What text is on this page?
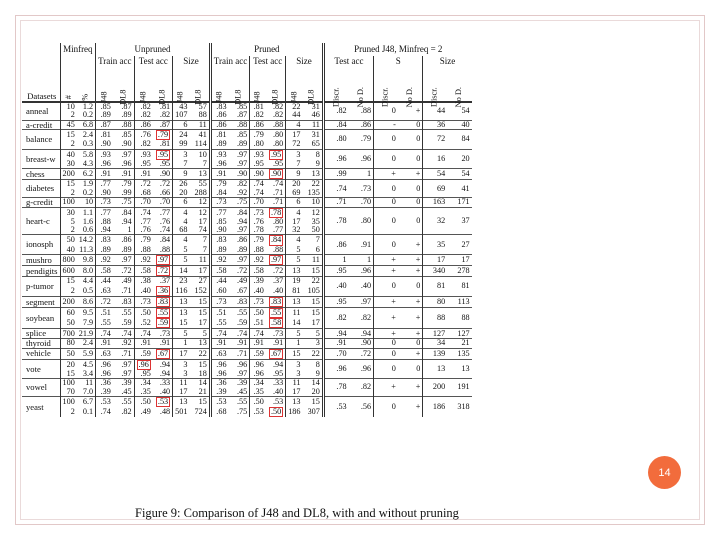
	Minfreq		Unpruned						Pruned						Pruned J48, Minfreq = 2					
			Train acc		Test acc		Size		Train acc		Test acc		Size		Test acc		S		Size	
Datasets	#	%	J48	DL8	J48	DL8	J48	DL8	J48	DL8	J48	DL8	J48	DL8	Discr.	No D.	Discr.	No D.	Discr.	No D.
anneal	10	1.2	.85	.87	.82	.81	43	57	.83	.85	.81	.82	22	31	.82	.88	0	+	44	54
	2	0.2	.89	.89	.82	.82	107	88	.86	.87	.82	.82	44	46						
a-credit	45	6.8	.87	.88	.86	.87	6	11	.86	.88	.86	.88	4	11	.84	.86	-	0	36	40
balance	15	2.4	.81	.85	.76	.79	24	41	.81	.85	.79	.80	17	31	.80	.79	0	0	72	84
	2	0.3	.90	.90	.82	.81	99	114	.89	.89	.80	.80	72	65						
breast-w	40	5.8	.93	.97	.93	.95	3	10	.93	.97	.93	.95	3	8	.96	.96	0	0	16	20
	30	4.3	.96	.96	.95	.95	7	7	.96	.97	.95	.95	7	9						
chess	200	6.2	.91	.91	.91	.90	9	13	.91	.90	.90	.90	9	13	.99	1	+	+	54	54
diabetes	15	1.9	.77	.79	.72	.72	26	55	.79	.82	.74	.74	20	22	.74	.73	0	0	69	41
	2	0.2	.90	.99	.68	.66	20	288	.84	.92	.74	.71	69	135						
g-credit	100	10	.73	.75	.70	.70	6	12	.73	.75	.70	.71	6	10	.71	.70	0	0	163	171
heart-c	30	1.1	.77	.84	.74	.77	4	12	.77	.84	.73	.78	4	12	.78	.80	0	0	32	37
	5	1.6	.88	.94	.77	.76	4	17	.85	.94	.76	.80	17	35						
	2	0.6	.94	1	.76	.74	68	74	.90	.97	.78	.77	32	50						
ionosph	50	14.2	.83	.86	.79	.84	4	7	.83	.86	.79	.84	4	7	.86	.91	0	+	35	27
	40	11.3	.89	.89	.88	.88	5	7	.89	.89	.88	.88	5	6						
mushro	800	9.8	.92	.97	.92	.97	5	11	.92	.97	.92	.97	5	11	1	1	+	+	17	17
pendigits	600	8.0	.58	.72	.58	.72	14	17	.58	.72	.58	.72	13	15	.95	.96	+	+	340	278
p-tumor	15	4.4	.44	.49	.38	.37	23	27	.44	.49	.39	.37	19	22	.40	.40	0	0	81	81
	2	0.5	.63	.71	.40	.36	116	152	.60	.67	.40	.40	81	105						
segment	200	8.6	.72	.83	.73	.83	13	15	.73	.83	.73	.83	13	15	.95	.97	+	+	80	113
soybean	60	9.5	.51	.55	.50	.55	13	15	.51	.55	.50	.55	11	15	.82	.82	+	+	88	88
	50	7.9	.55	.59	.52	.59	15	17	.55	.59	.51	.58	14	17						
splice	700	21.9	.74	.74	.74	.73	5	5	.74	.74	.74	.73	5	5	.94	.94	+	+	127	127
thyroid	80	2.4	.91	.92	.91	.91	1	13	.91	.91	.91	.91	1	3	.91	.90	0	0	34	21
vehicle	50	5.9	.63	.71	.59	.67	17	22	.63	.71	.59	.67	15	22	.70	.72	0	+	139	135
vote	20	4.5	.96	.97	.96	.94	3	15	.96	.96	.96	.94	3	8	.96	.96	0	0	13	13
	15	3.4	.96	.97	.95	.94	3	18	.96	.97	.96	.95	3	9						
vowel	100	11	.36	.39	.34	.33	11	14	.36	.39	.34	.33	11	14	.78	.82	+	+	200	191
	70	7.0	.39	.45	.35	.40	17	21	.39	.45	.35	.40	17	20						
yeast	100	6.7	.53	.55	.50	.53	13	15	.53	.55	.50	.53	13	15	.53	.56	0	+	186	318
	2	0.1	.74	.82	.49	.48	501	724	.68	.75	.53	.50	186	307						
Figure 9: Comparison of J48 and DL8, with and without pruning
14
